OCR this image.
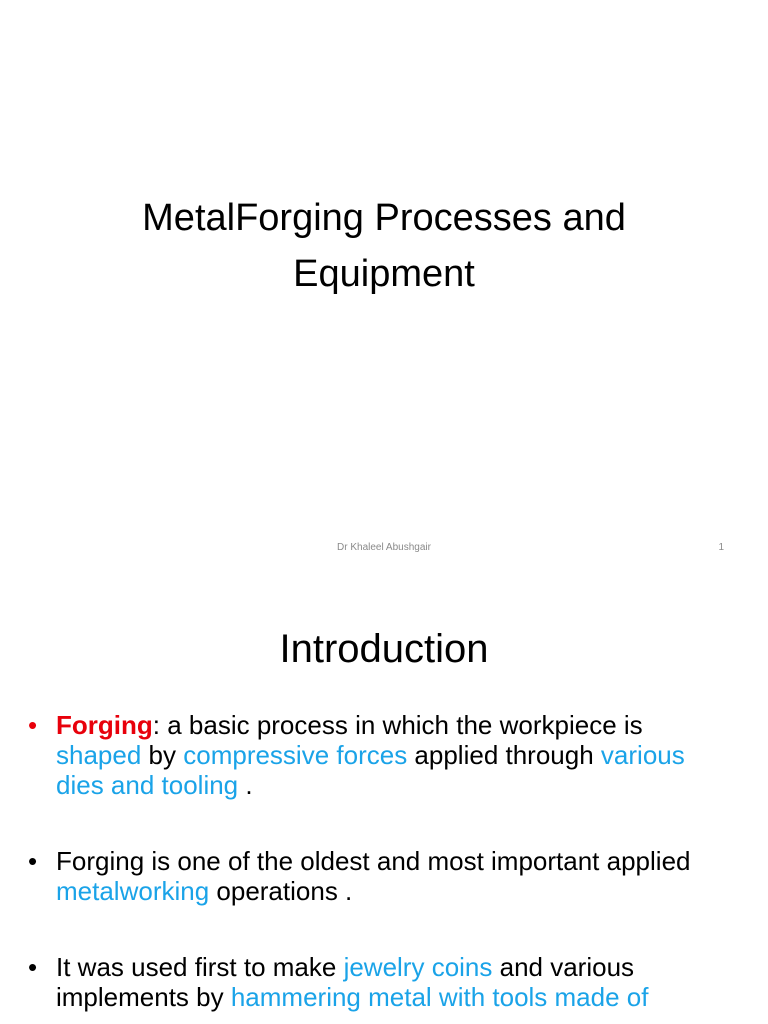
MetalForging Processes and
Equipment
Dr Khaleel Abushgair	1
Introduction
• Forging: a basic process in which the workpiece is shaped by compressive forces applied through various dies and tooling .
• Forging is one of the oldest and most important applied metalworking operations .
• It was used first to make jewelry coins and various implements by hammering metal with tools made of
